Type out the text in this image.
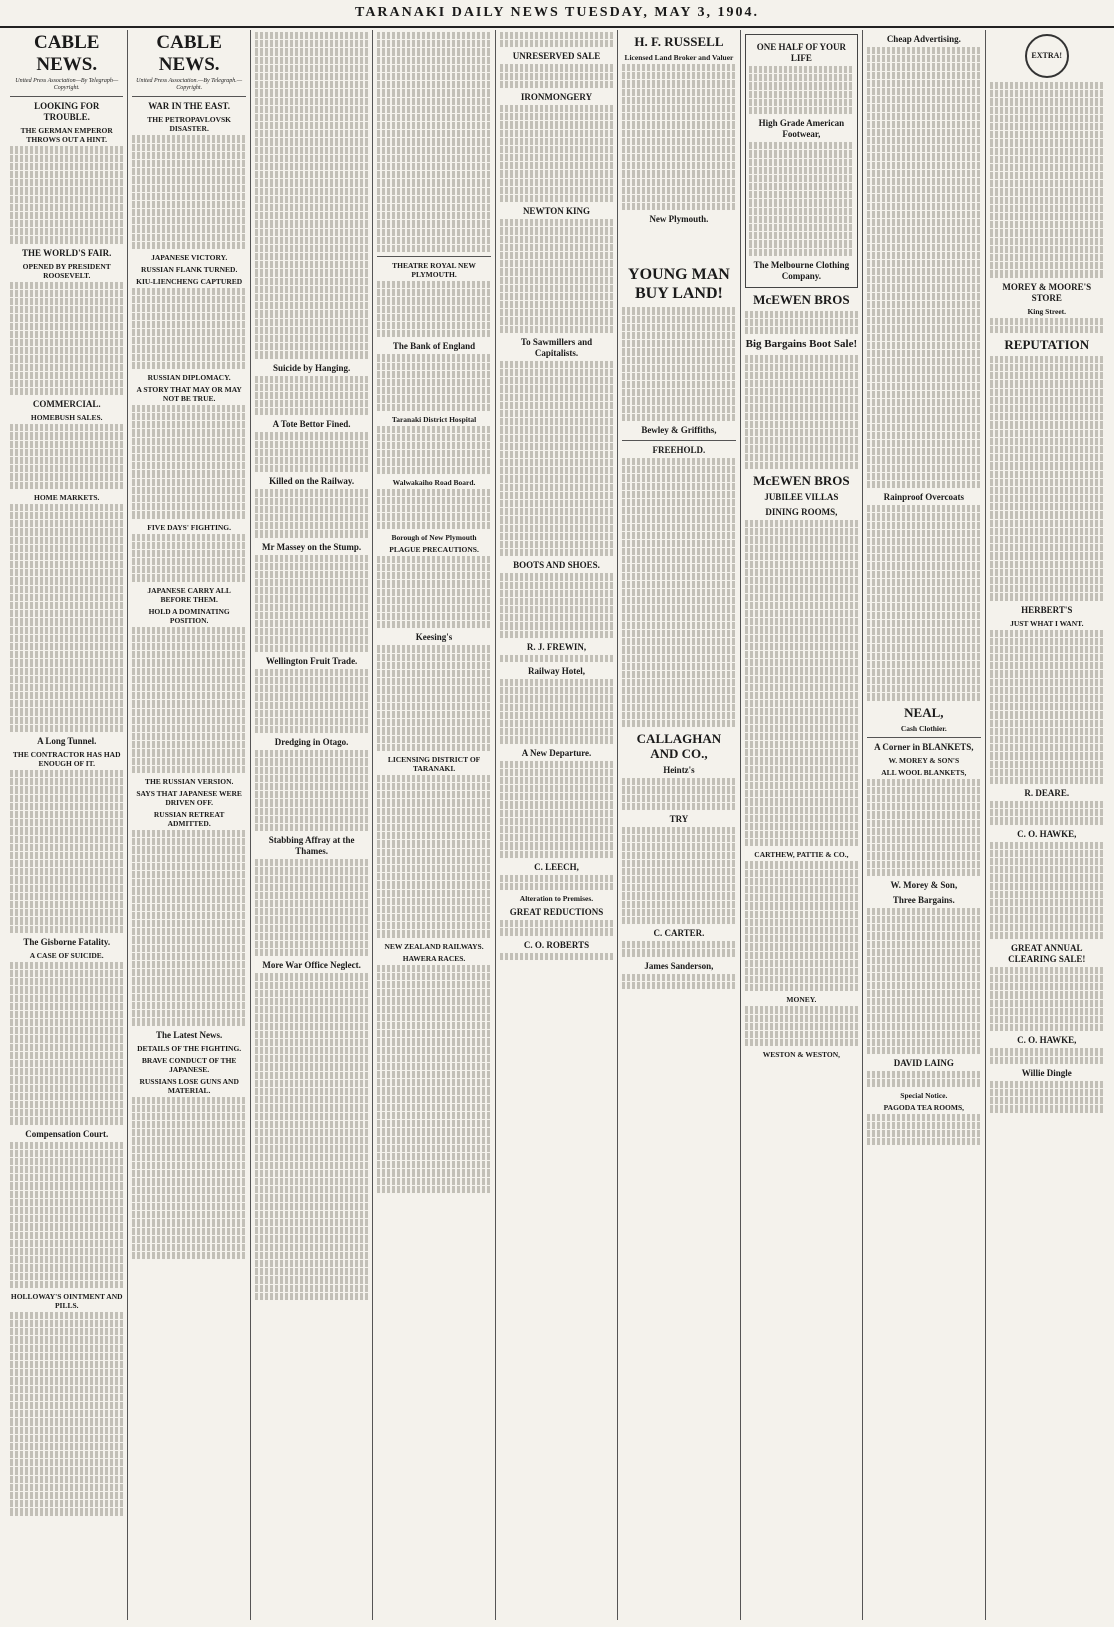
TARANAKI DAILY NEWS TUESDAY, MAY 3, 1904.
CABLE NEWS.
United Press Association—By Telegraph—Copyright.
LOOKING FOR TROUBLE.
THE GERMAN EMPEROR THROWS OUT A HINT.
THE WORLD'S FAIR.
OPENED BY PRESIDENT ROOSEVELT.
COMMERCIAL.
HOMEBUSH SALES.
HOME MARKETS.
A Long Tunnel.
THE CONTRACTOR HAS HAD ENOUGH OF IT.
The Gisborne Fatality.
A CASE OF SUICIDE.
Compensation Court.
HOLLOWAY'S OINTMENT AND PILLS.
CABLE NEWS.
United Press Association.—By Telegraph.—Copyright.
WAR IN THE EAST.
THE PETROPAVLOVSK DISASTER.
JAPANESE VICTORY.
RUSSIAN FLANK TURNED.
KIU-LIENCHENG CAPTURED
RUSSIAN DIPLOMACY.
A STORY THAT MAY OR MAY NOT BE TRUE.
FIVE DAYS' FIGHTING.
JAPANESE CARRY ALL BEFORE THEM.
HOLD A DOMINATING POSITION.
THE RUSSIAN VERSION.
SAYS THAT JAPANESE WERE DRIVEN OFF.
RUSSIAN RETREAT ADMITTED.
The Latest News.
DETAILS OF THE FIGHTING.
BRAVE CONDUCT OF THE JAPANESE.
RUSSIANS LOSE GUNS AND MATERIAL.
Suicide by Hanging.
A Tote Bettor Fined.
Killed on the Railway.
Mr Massey on the Stump.
Wellington Fruit Trade.
Dredging in Otago.
Stabbing Affray at the Thames.
More War Office Neglect.
THEATRE ROYAL NEW PLYMOUTH.
The Bank of England
Taranaki District Hospital
Walwakaiho Road Board.
Borough of New Plymouth
PLAGUE PRECAUTIONS.
Keesing's
LICENSING DISTRICT OF TARANAKI.
NEW ZEALAND RAILWAYS.
HAWERA RACES.
UNRESERVED SALE
IRONMONGERY
NEWTON KING
To Sawmillers and Capitalists.
BOOTS AND SHOES.
R. J. FREWIN,
Railway Hotel,
A New Departure.
C. LEECH,
Alteration to Premises.
GREAT REDUCTIONS
C. O. ROBERTS
H. F. RUSSELL
Licensed Land Broker and Valuer
New Plymouth.
YOUNG MAN BUY LAND!
Bewley & Griffiths,
FREEHOLD.
CALLAGHAN AND CO.,
Heintz's
TRY
C. CARTER.
James Sanderson,
ONE HALF OF YOUR LIFE
High Grade American Footwear,
The Melbourne Clothing Company.
McEWEN BROS
Big Bargains Boot Sale!
McEWEN BROS
JUBILEE VILLAS
DINING ROOMS,
CARTHEW, PATTIE & CO.,
MONEY.
WESTON & WESTON,
Cheap Advertising.
Rainproof Overcoats
NEAL,
Cash Clothier.
A Corner in BLANKETS,
W. MOREY & SON'S
ALL WOOL BLANKETS,
W. Morey & Son,
Three Bargains.
DAVID LAING
Special Notice.
PAGODA TEA ROOMS,
EXTRA!
MOREY & MOORE'S STORE
King Street.
REPUTATION
HERBERT'S
JUST WHAT I WANT.
R. DEARE.
C. O. HAWKE,
GREAT ANNUAL CLEARING SALE!
C. O. HAWKE,
Willie Dingle
